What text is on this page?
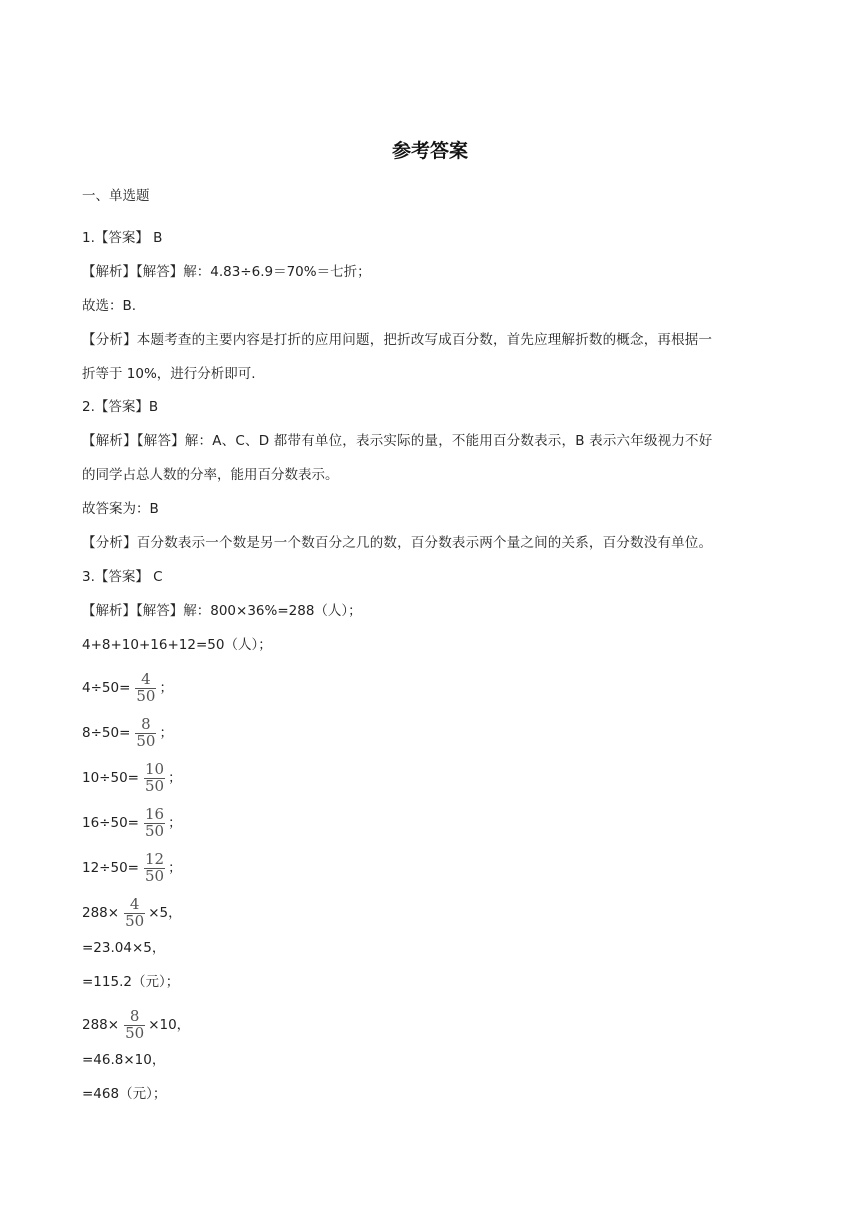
参考答案
一、单选题
1.【答案】 B
【解析】【解答】解：4.83÷6.9＝70%＝七折；
故选：B.
【分析】本题考查的主要内容是打折的应用问题，把折改写成百分数，首先应理解折数的概念，再根据一
折等于 10%，进行分析即可.
2.【答案】B
【解析】【解答】解：A、C、D 都带有单位，表示实际的量，不能用百分数表示，B 表示六年级视力不好
的同学占总人数的分率，能用百分数表示。
故答案为：B
【分析】百分数表示一个数是另一个数百分之几的数，百分数表示两个量之间的关系，百分数没有单位。
3.【答案】 C
【解析】【解答】解：800×36%=288（人）；
4+8+10+16+12=50（人）；
$4\div 50= \frac{4}{50}$ ；
$8\div 50= \frac{8}{50}$ ；
$10\div 50= \frac{10}{50}$ ；
$16\div 50= \frac{16}{50}$ ；
$12\div 50= \frac{12}{50}$ ；
$288\times \frac{4}{50} \times 5$，
=23.04×5，
=115.2（元）；
$288\times \frac{8}{50} \times 10$，
=46.8×10，
=468（元）；
